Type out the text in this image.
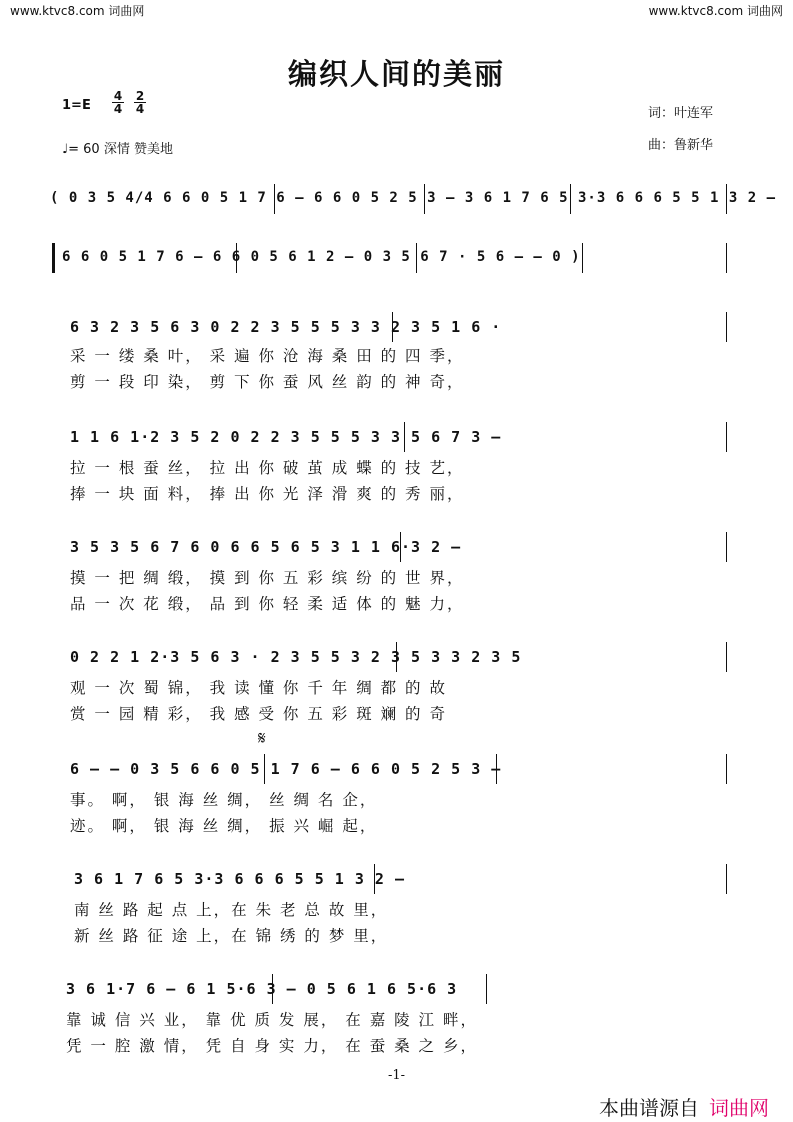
www.ktvc8.com 词曲网	www.ktvc8.com 词曲网
编织人间的美丽
1=E
4
4
2
4
♩= 60 深情 赞美地
词：叶连军
曲：鲁新华
( 0 3 5 4/4 6 6 0 5 1 7 6 – 6 6 0 5 2 5 3 – 3 6 1 7 6 5 3·3 6 6 6 5 5 1 3 2 –
6 6 0 5 1 7 6 – 6 6 0 5 6 1 2 – 0 3 5 6 7 · 5 6 – – 0 )
6 3 2 3 5 6 3 0 2 2 3 5 5 5 3 3 2 3 5 1 6 ·
采 一 缕 桑 叶， 采 遍 你 沧 海 桑 田 的 四 季，
剪 一 段 印 染， 剪 下 你 蚕 风 丝 韵 的 神 奇，
1 1 6 1·2 3 5 2 0 2 2 3 5 5 5 3 3 5 6 7 3 –
拉 一 根 蚕 丝， 拉 出 你 破 茧 成 蝶 的 技 艺，
捧 一 块 面 料， 捧 出 你 光 泽 滑 爽 的 秀 丽，
3 5 3 5 6 7 6 0 6 6 5 6 5 3 1 1 6·3 2 –
摸 一 把 绸 缎， 摸 到 你 五 彩 缤 纷 的 世 界，
品 一 次 花 缎， 品 到 你 轻 柔 适 体 的 魅 力，
0 2 2 1 2·3 5 6 3 · 2 3 5 5 3 2 3 5 3 3 2 3 5
观 一 次 蜀 锦， 我 读 懂 你 千 年 绸 都 的 故
赏 一 园 精 彩， 我 感 受 你 五 彩 斑 斓 的 奇
𝄋
6 – – 0 3 5 6 6 0 5 1 7 6 – 6 6 0 5 2 5 3 –
事。 啊， 银 海 丝 绸， 丝 绸 名 企，
迹。 啊， 银 海 丝 绸， 振 兴 崛 起，
3 6 1 7 6 5 3·3 6 6 6 5 5 1 3 2 –
南 丝 路 起 点 上，在 朱 老 总 故 里，
新 丝 路 征 途 上，在 锦 绣 的 梦 里，
3 6 1·7 6 – 6 1 5·6 3 – 0 5 6 1 6 5·6 3
靠 诚 信 兴 业， 靠 优 质 发 展， 在 嘉 陵 江 畔，
凭 一 腔 激 情， 凭 自 身 实 力， 在 蚕 桑 之 乡，
-1-
本曲谱源自 词曲网
